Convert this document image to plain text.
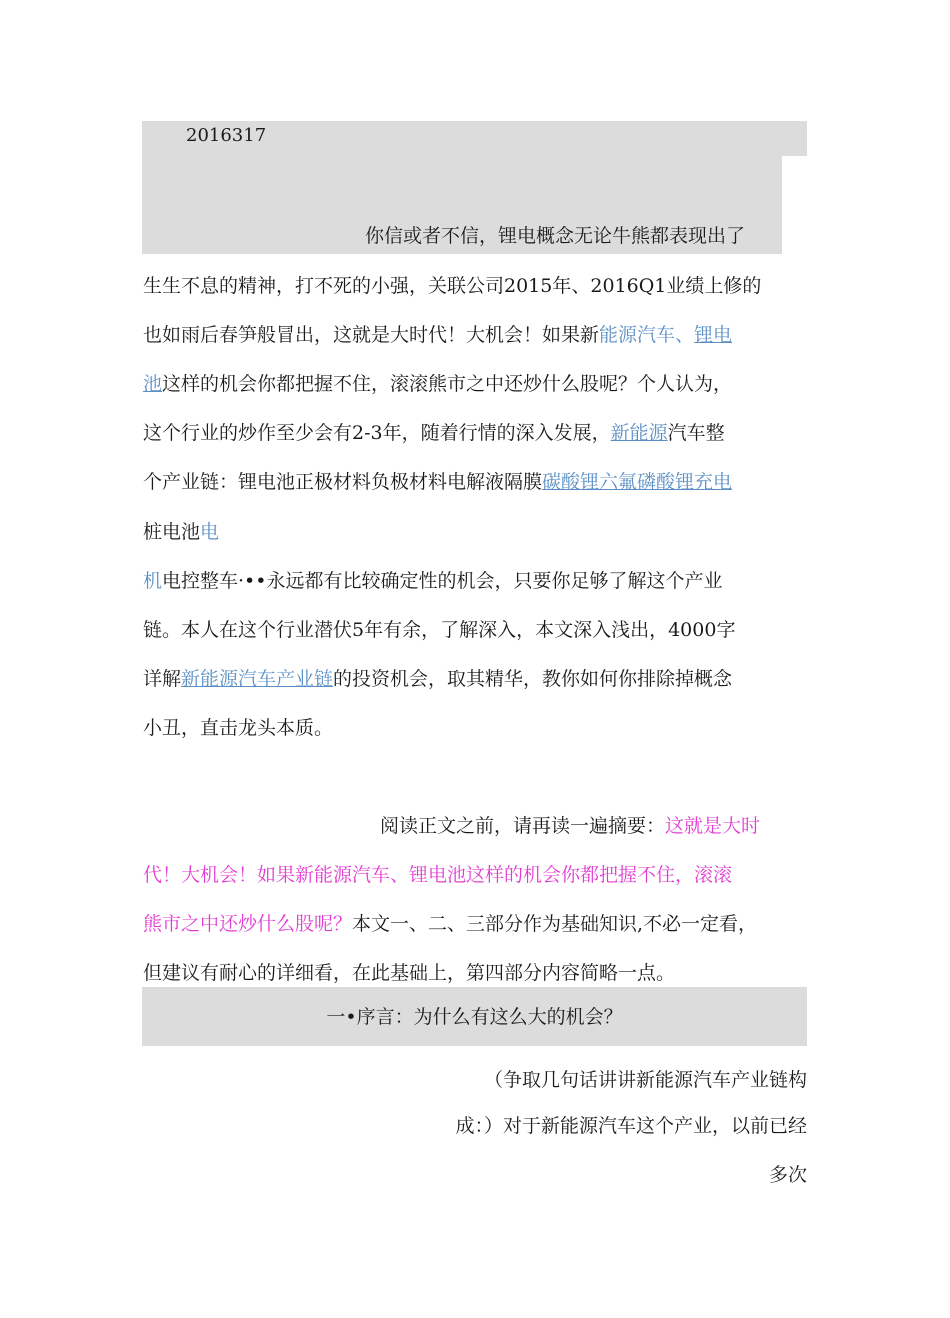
2016317
你信或者不信，锂电概念无论牛熊都表现出了
生生不息的精神，打不死的小强，关联公司2015年、2016Q1业绩上修的
也如雨后春笋般冒出，这就是大时代！大机会！如果新能源汽车、锂电
池这样的机会你都把握不住，滚滚熊市之中还炒什么股呢？个人认为，
这个行业的炒作至少会有2-3年，随着行情的深入发展，新能源汽车整
个产业链：锂电池正极材料负极材料电解液隔膜碳酸锂六氟磷酸锂充电
桩电池电
机电控整车·••永远都有比较确定性的机会，只要你足够了解这个产业
链。本人在这个行业潜伏5年有余，了解深入，本文深入浅出，4000字
详解新能源汽车产业链的投资机会，取其精华，教你如何你排除掉概念
小丑，直击龙头本质。
阅读正文之前，请再读一遍摘要：这就是大时
代！大机会！如果新能源汽车、锂电池这样的机会你都把握不住，滚滚
熊市之中还炒什么股呢？本文一、二、三部分作为基础知识,不必一定看，
但建议有耐心的详细看，在此基础上，第四部分内容简略一点。
一•序言：为什么有这么大的机会？
（争取几句话讲讲新能源汽车产业链构
成：）对于新能源汽车这个产业，以前已经
多次
